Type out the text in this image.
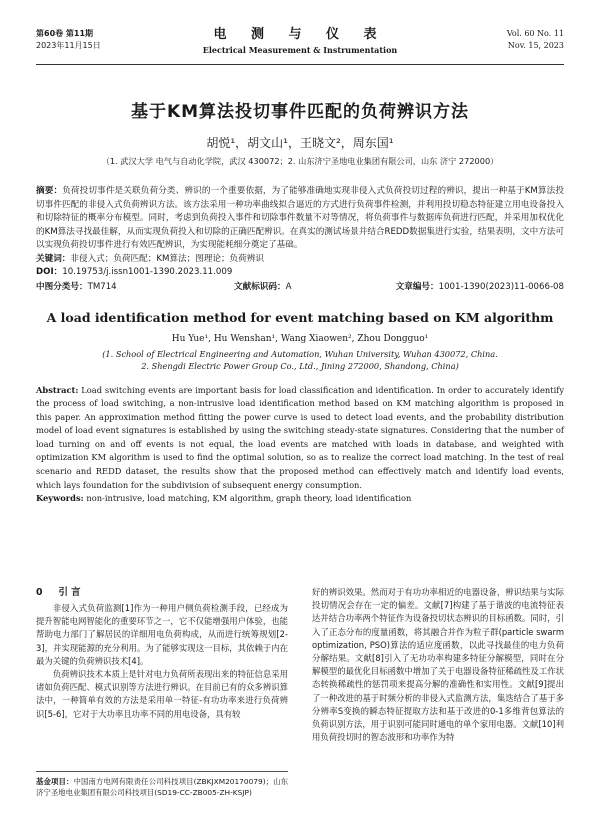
第60卷 第11期
2023年11月15日
电 测 与 仪 表
Electrical Measurement & Instrumentation
Vol. 60 No. 11
Nov. 15, 2023
基于KM算法投切事件匹配的负荷辨识方法
胡悦¹，胡文山¹，王晓文²，周东国¹
（1. 武汉大学 电气与自动化学院，武汉 430072；2. 山东济宁圣地电业集团有限公司，山东 济宁 272000）
摘要：负荷投切事件是关联负荷分类、辨识的一个重要依据，为了能够准确地实现非侵入式负荷投切过程的辨识，提出一种基于KM算法投切事件匹配的非侵入式负荷辨识方法。该方法采用一种功率曲线拟合逼近的方式进行负荷事件检测，并利用投切稳态特征建立用电设备投入和切除特征的概率分布模型。同时，考虑到负荷投入事件和切除事件数量不对等情况，将负荷事件与数据库负荷进行匹配，并采用加权优化的KM算法寻找最佳解，从而实现负荷投入和切除的正确匹配辨识。在真实的测试场景并结合REDD数据集进行实验，结果表明，文中方法可以实现负荷投切事件进行有效匹配辨识，为实现能耗细分奠定了基础。
关键词：非侵入式；负荷匹配；KM算法；图理论；负荷辨识
DOI：10.19753/j.issn1001-1390.2023.11.009
中图分类号：TM714	文献标识码：A	文章编号：1001-1390(2023)11-0066-08
A load identification method for event matching based on KM algorithm
Hu Yue¹, Hu Wenshan¹, Wang Xiaowen², Zhou Dongguo¹
(1. School of Electrical Engineering and Automation, Wuhan University, Wuhan 430072, China.
2. Shengdi Electric Power Group Co., Ltd., Jining 272000, Shandong, China)
Abstract: Load switching events are important basis for load classification and identification. In order to accurately identify the process of load switching, a non-intrusive load identification method based on KM matching algorithm is proposed in this paper. An approximation method fitting the power curve is used to detect load events, and the probability distribution model of load event signatures is established by using the switching steady-state signatures. Considering that the number of load turning on and off events is not equal, the load events are matched with loads in database, and weighted with optimization KM algorithm is used to find the optimal solution, so as to realize the correct load matching. In the test of real scenario and REDD dataset, the results show that the proposed method can effectively match and identify load events, which lays foundation for the subdivision of subsequent energy consumption.
Keywords: non-intrusive, load matching, KM algorithm, graph theory, load identification
0 引 言

非侵入式负荷监测[1]作为一种用户侧负荷检测手段，已经成为提升智能电网智能化的重要环节之一，它不仅能增强用户体验，也能帮助电力部门了解居民的详细用电负荷构成，从而进行统筹规划[2-3]，并实现能源的充分利用。为了能够实现这一目标，其依赖于内在最为关键的负荷辨识技术[4]。

负荷辨识技术本质上是针对电力负荷所表现出来的特征信息采用诸如负荷匹配、模式识别等方法进行辨识。在目前已有的众多辨识算法中，一种简单有效的方法是采用单一特征-有功功率来进行负荷辨识[5-6]，它对于大功率且功率不同的用电设备，具有较

基金项目：中国南方电网有限责任公司科技项目(ZBKJXM20170079)；山东济宁圣地电业集团有限公司科技项目(SD19-CC-ZB005-ZH-KSJP)

好的辨识效果。然而对于有功功率相近的电器设备，辨识结果与实际投切情况会存在一定的偏差。文献[7]构建了基于谐波的电流特征表达并结合功率两个特征作为设备投切状态辨识的目标函数。同时，引入了正态分布的度量函数，将其融合并作为粒子群(particle swarm optimization, PSO)算法的适应度函数，以此寻找最佳的电力负荷分解结果。文献[8]引入了无功功率构建多特征分解模型，同时在分解模型的最优化目标函数中增加了关于电器设备特征稀疏性及工作状态转换稀疏性的惩罚项来提高分解的准确性和实用性。文献[9]提出了一种改进的基于时频分析的非侵入式监测方法，集迭结合了基于多分辨率S变换的瞬态特征提取方法和基于改进的0-1多维背包算法的负荷识别方法，用于识别可能同时通电的单个家用电器。文献[10]利用负荷投切时的智态波形和功率作为特
